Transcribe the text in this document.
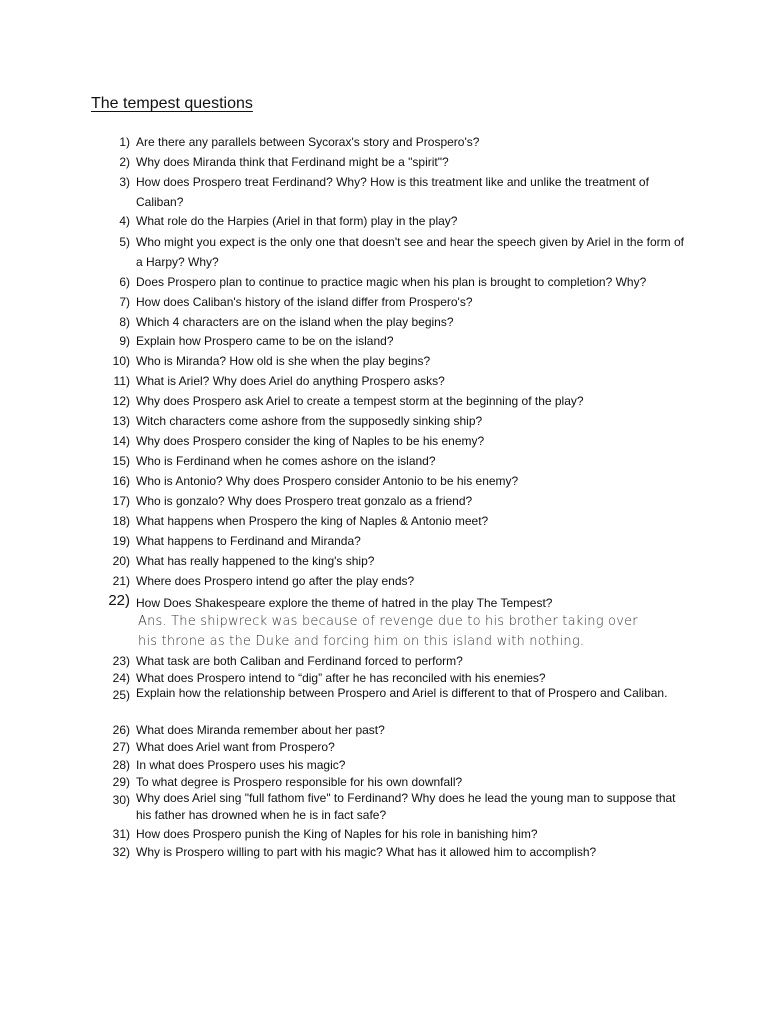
The tempest questions
1) Are there any parallels between Sycorax's story and Prospero's?
2) Why does Miranda think that Ferdinand might be a "spirit"?
3) How does Prospero treat Ferdinand? Why? How is this treatment like and unlike the treatment of Caliban?
4) What role do the Harpies (Ariel in that form) play in the play?
5) Who might you expect is the only one that doesn't see and hear the speech given by Ariel in the form of a Harpy? Why?
6) Does Prospero plan to continue to practice magic when his plan is brought to completion? Why?
7) How does Caliban's history of the island differ from Prospero's?
8) Which 4 characters are on the island when the play begins?
9) Explain how Prospero came to be on the island?
10) Who is Miranda? How old is she when the play begins?
11) What is Ariel? Why does Ariel do anything Prospero asks?
12) Why does Prospero ask Ariel to create a tempest storm at the beginning of the play?
13) Witch characters come ashore from the supposedly sinking ship?
14) Why does Prospero consider the king of Naples to be his enemy?
15) Who is Ferdinand when he comes ashore on the island?
16) Who is Antonio? Why does Prospero consider Antonio to be his enemy?
17) Who is gonzalo? Why does Prospero treat gonzalo as a friend?
18) What happens when Prospero the king of Naples & Antonio meet?
19) What happens to Ferdinand and Miranda?
20) What has really happened to the king's ship?
21) Where does Prospero intend go after the play ends?
22) How Does Shakespeare explore the theme of hatred in the play The Tempest?
Ans. The shipwreck was because of revenge due to his brother taking over his throne as the Duke and forcing him on this island with nothing.
23) What task are both Caliban and Ferdinand forced to perform?
24) What does Prospero intend to “dig” after he has reconciled with his enemies?
25) Explain how the relationship between Prospero and Ariel is different to that of Prospero and Caliban.
26) What does Miranda remember about her past?
27) What does Ariel want from Prospero?
28) In what does Prospero uses his magic?
29) To what degree is Prospero responsible for his own downfall?
30) Why does Ariel sing "full fathom five" to Ferdinand? Why does he lead the young man to suppose that his father has drowned when he is in fact safe?
31) How does Prospero punish the King of Naples for his role in banishing him?
32) Why is Prospero willing to part with his magic? What has it allowed him to accomplish?
